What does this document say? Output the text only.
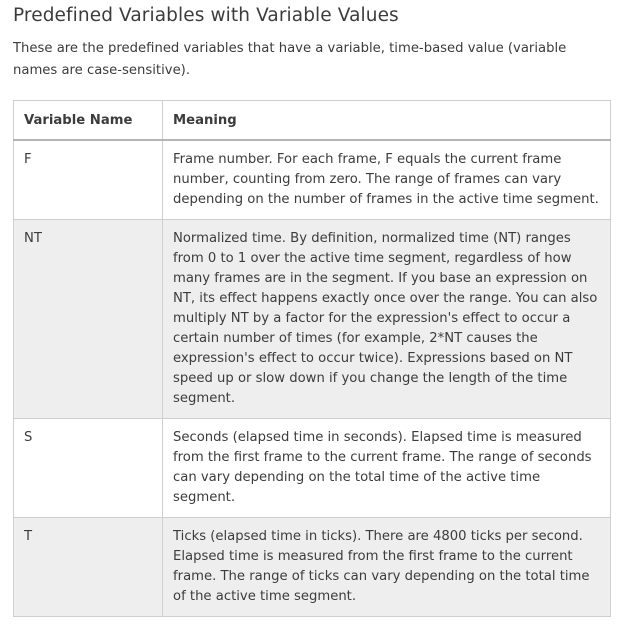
Predefined Variables with Variable Values
These are the predefined variables that have a variable, time-based value (variable names are case-sensitive).
Variable Name	Meaning
F	Frame number. For each frame, F equals the current frame number, counting from zero. The range of frames can vary depending on the number of frames in the active time segment.
NT	Normalized time. By definition, normalized time (NT) ranges from 0 to 1 over the active time segment, regardless of how many frames are in the segment. If you base an expression on NT, its effect happens exactly once over the range. You can also multiply NT by a factor for the expression's effect to occur a certain number of times (for example, 2*NT causes the expression's effect to occur twice). Expressions based on NT speed up or slow down if you change the length of the time segment.
S	Seconds (elapsed time in seconds). Elapsed time is measured from the first frame to the current frame. The range of seconds can vary depending on the total time of the active time segment.
T	Ticks (elapsed time in ticks). There are 4800 ticks per second. Elapsed time is measured from the first frame to the current frame. The range of ticks can vary depending on the total time of the active time segment.
